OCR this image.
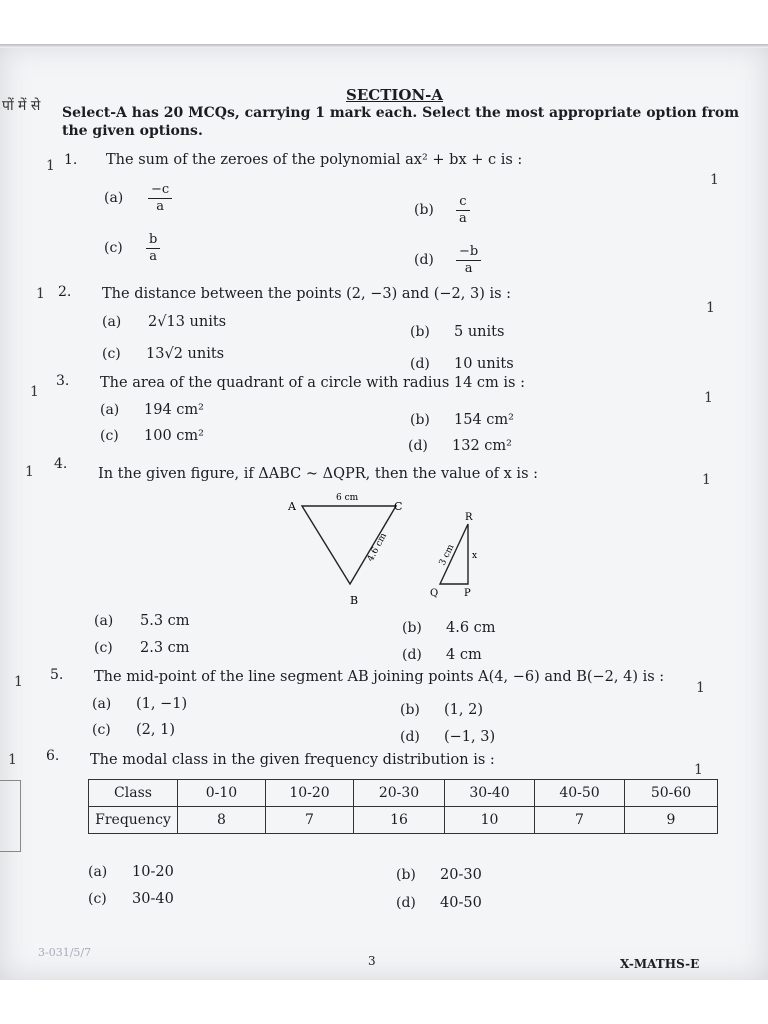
पों में से
SECTION-A
Select-A has 20 MCQs, carrying 1 mark each. Select the most appropriate option from the given options.
1
1
1
1
1
1
1. The sum of the zeroes of the polynomial ax² + bx + c is :
1
$(a) \frac{-c}{a}$	$(b) \frac{c}{a}$
$(c) \frac{b}{a}$	$(d) \frac{-b}{a}$
2. The distance between the points (2, −3) and (−2, 3) is :
1
(a) 2√13 units
(b) 5 units
(c) 13√2 units
(d) 10 units
3. The area of the quadrant of a circle with radius 14 cm is :
1
(a) 194 cm²
(b) 154 cm²
(c) 100 cm²
(d) 132 cm²
4.
In the given figure, if ΔABC ~ ΔQPR, then the value of x is :	1
A	C
B
6 cm
4.6 cm
R
Q	P
3 cm x
(a) 5.3 cm	(b) 4.6 cm
(c) 2.3 cm	(d) 4 cm
5. The mid-point of the line segment AB joining points A(4, −6) and B(−2, 4) is :
1
(a) (1, −1)	(b) (1, 2)
(c) (2, 1)	(d) (−1, 3)
6. The modal class in the given frequency distribution is :
1
Class	0-10	10-20	20-30	30-40	40-50	50-60
Frequency	8	7	16	10	7	9
(a) 10-20	(b) 20-30
(c) 30-40	(d) 40-50
3-031/5/7
3	X-MATHS-E
